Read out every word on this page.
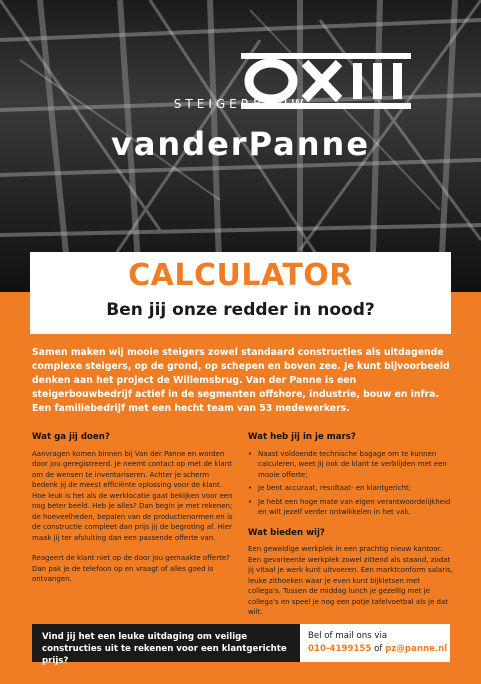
STEIGERBOUW
vanderPanne
CALCULATOR
Ben jij onze redder in nood?
Samen maken wij mooie steigers zowel standaard constructies als uitdagende complexe steigers, op de grond, op schepen en boven zee. Je kunt bijvoorbeeld denken aan het project de Willemsbrug. Van der Panne is een steigerbouwbedrijf actief in de segmenten offshore, industrie, bouw en infra. Een familiebedrijf met een hecht team van 53 medewerkers.
Wat ga jij doen?
Aanvragen komen binnen bij Van der Panne en worden door jou geregistreerd. Je neemt contact op met de klant om de wensen te inventariseren. Achter je scherm bedenk jij de meest efficiënte oplossing voor de klant. Hoe leuk is het als de werklocatie gaat bekijken voor een nog beter beeld. Heb je alles? Dan begin je met rekenen; de hoeveelheden, bepalen van de productienormen en is de constructie compleet dan prijs jij de begroting af. Hier maak jij ter afsluiting dan een passende offerte van.
Reageert de klant niet op de door jou gemaakte offerte? Dan pak je de telefoon op en vraagt of alles goed is ontvangen.
Wat heb jij in je mars?
• Naast voldoende technische bagage om te kunnen calculeren, weet jij ook de klant te verblijden met een mooie offerte;
• Je bent accuraat, resultaat- en klantgericht;
• Je hebt een hoge mate van eigen verantwoordelijkheid en wilt jezelf verder ontwikkelen in het vak.
Wat bieden wij?
Een geweldige werkplek in een prachtig nieuw kantoor. Een gevarieerde werkplek zowel zittend als staand, zodat jij vitaal je werk kunt uitvoeren. Een marktconform salaris, leuke zithoeken waar je even kunt bijkletsen met collega's. Tussen de middag lunch je gezellig met je collega's en speel je nog een potje tafelvoetbal als je dat wilt.
Vind jij het een leuke uitdaging om veilige constructies uit te rekenen voor een klantgerichte prijs?
Bel of mail ons via
010-4199155 of pz@panne.nl
